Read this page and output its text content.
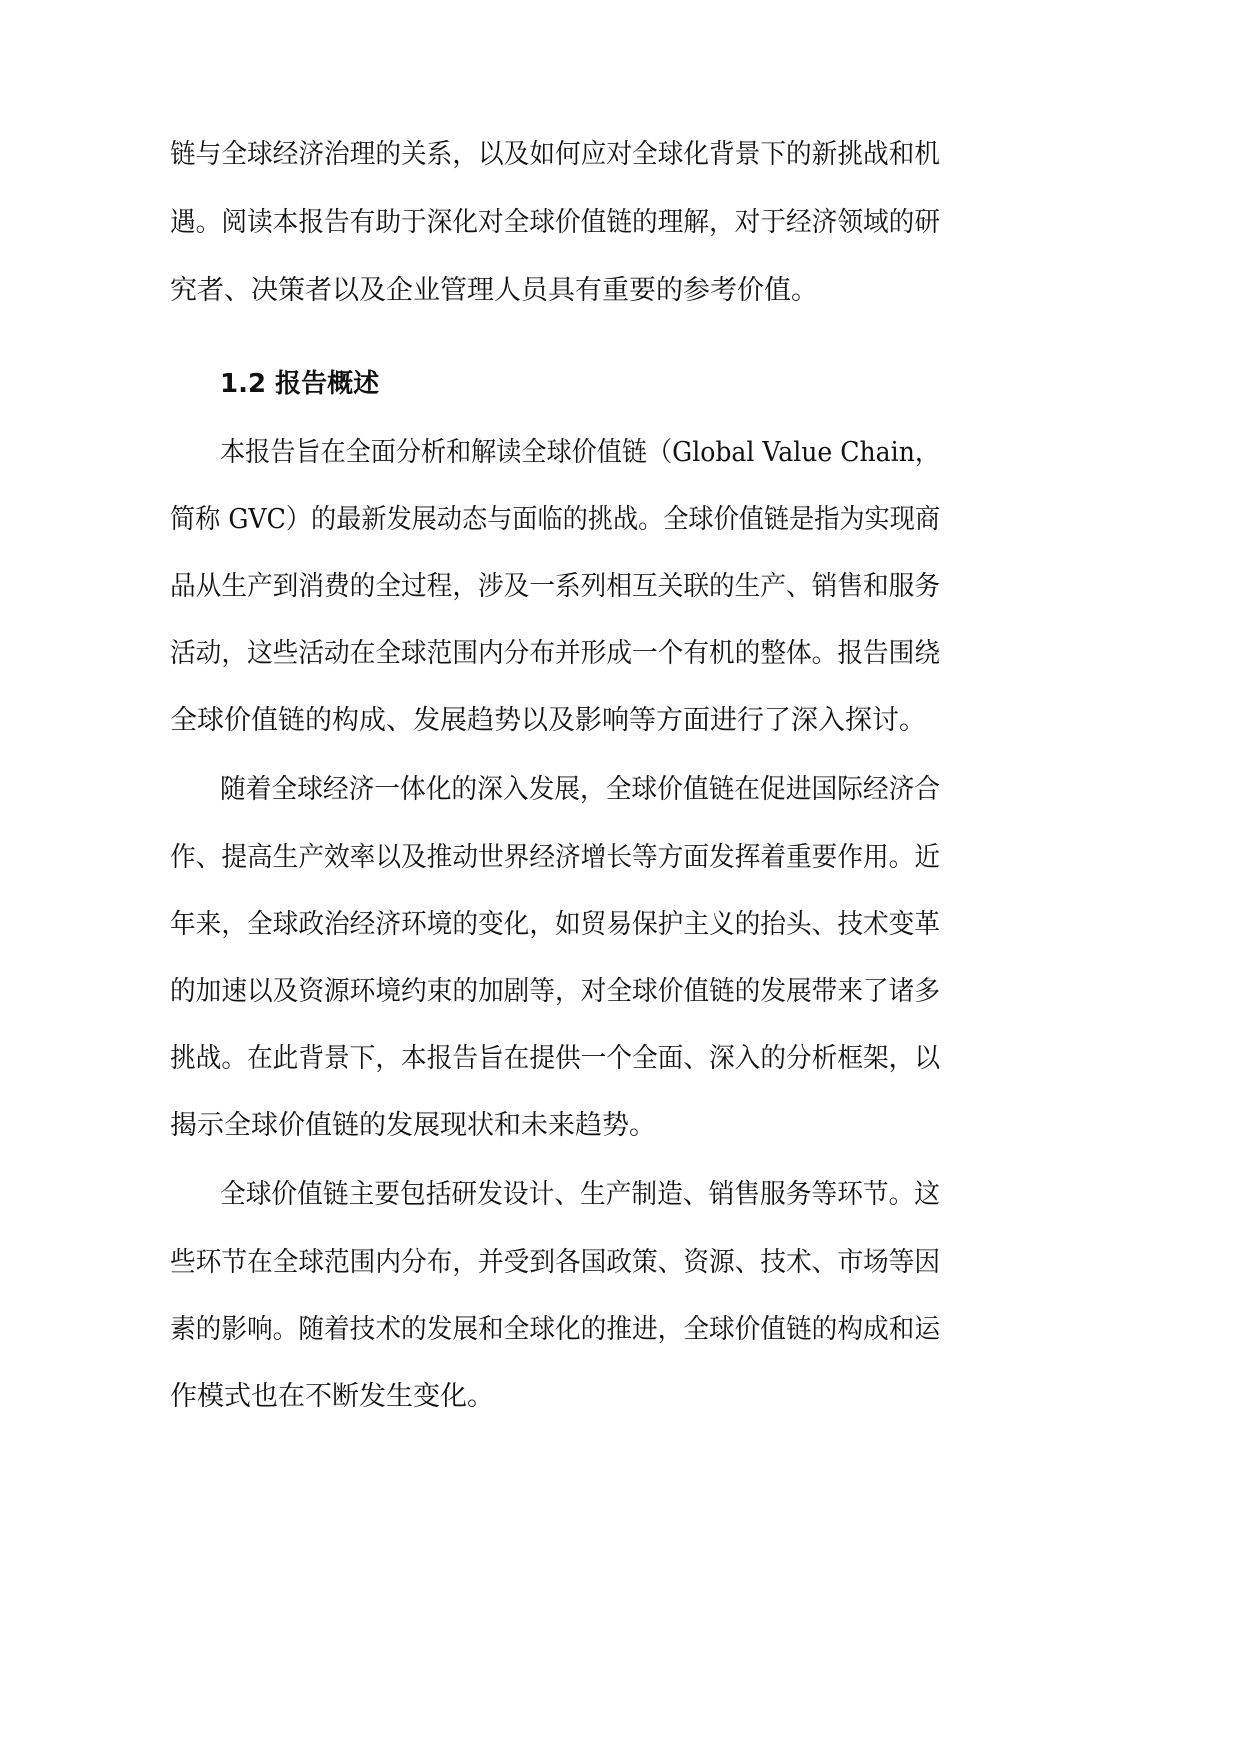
链与全球经济治理的关系，以及如何应对全球化背景下的新挑战和机
遇。阅读本报告有助于深化对全球价值链的理解，对于经济领域的研
究者、决策者以及企业管理人员具有重要的参考价值。
1.2 报告概述
本报告旨在全面分析和解读全球价值链（Global Value Chain，
简称 GVC）的最新发展动态与面临的挑战。全球价值链是指为实现商
品从生产到消费的全过程，涉及一系列相互关联的生产、销售和服务
活动，这些活动在全球范围内分布并形成一个有机的整体。报告围绕
全球价值链的构成、发展趋势以及影响等方面进行了深入探讨。
随着全球经济一体化的深入发展，全球价值链在促进国际经济合
作、提高生产效率以及推动世界经济增长等方面发挥着重要作用。近
年来，全球政治经济环境的变化，如贸易保护主义的抬头、技术变革
的加速以及资源环境约束的加剧等，对全球价值链的发展带来了诸多
挑战。在此背景下，本报告旨在提供一个全面、深入的分析框架，以
揭示全球价值链的发展现状和未来趋势。
全球价值链主要包括研发设计、生产制造、销售服务等环节。这
些环节在全球范围内分布，并受到各国政策、资源、技术、市场等因
素的影响。随着技术的发展和全球化的推进，全球价值链的构成和运
作模式也在不断发生变化。
